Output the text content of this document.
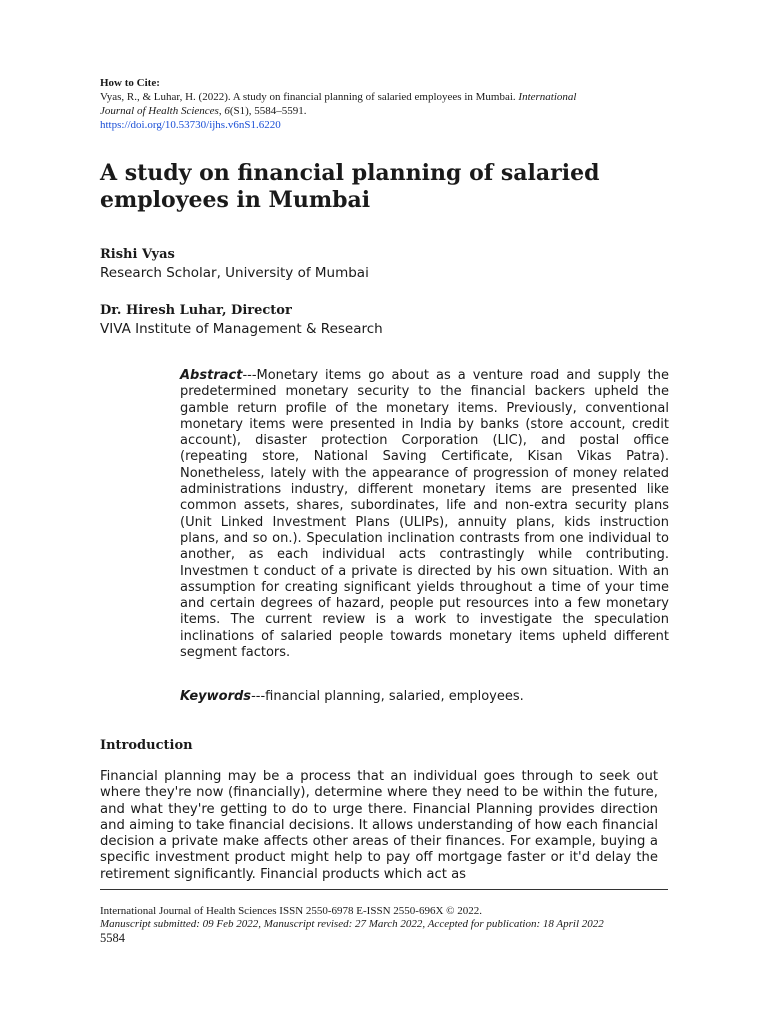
How to Cite:
Vyas, R., & Luhar, H. (2022). A study on financial planning of salaried employees in Mumbai. International Journal of Health Sciences, 6(S1), 5584–5591.
https://doi.org/10.53730/ijhs.v6nS1.6220
A study on financial planning of salaried employees in Mumbai
Rishi Vyas
Research Scholar, University of Mumbai
Dr. Hiresh Luhar, Director
VIVA Institute of Management & Research

Abstract---Monetary items go about as a venture road and supply the predetermined monetary security to the financial backers upheld the gamble return profile of the monetary items. Previously, conventional monetary items were presented in India by banks (store account, credit account), disaster protection Corporation (LIC), and postal office (repeating store, National Saving Certificate, Kisan Vikas Patra). Nonetheless, lately with the appearance of progression of money related administrations industry, different monetary items are presented like common assets, shares, subordinates, life and non-extra security plans (Unit Linked Investment Plans (ULIPs), annuity plans, kids instruction plans, and so on.). Speculation inclination contrasts from one individual to another, as each individual acts contrastingly while contributing. Investmen t conduct of a private is directed by his own situation. With an assumption for creating significant yields throughout a time of your time and certain degrees of hazard, people put resources into a few monetary items. The current review is a work to investigate the speculation inclinations of salaried people towards monetary items upheld different segment factors.

Keywords---financial planning, salaried, employees.

Introduction

Financial planning may be a process that an individual goes through to seek out where they're now (financially), determine where they need to be within the future, and what they're getting to do to urge there. Financial Planning provides direction and aiming to take financial decisions. It allows understanding of how each financial decision a private make affects other areas of their finances. For example, buying a specific investment product might help to pay off mortgage faster or it'd delay the retirement significantly. Financial products which act as

International Journal of Health Sciences ISSN 2550-6978 E-ISSN 2550-696X © 2022.
Manuscript submitted: 09 Feb 2022, Manuscript revised: 27 March 2022, Accepted for publication: 18 April 2022
5584
